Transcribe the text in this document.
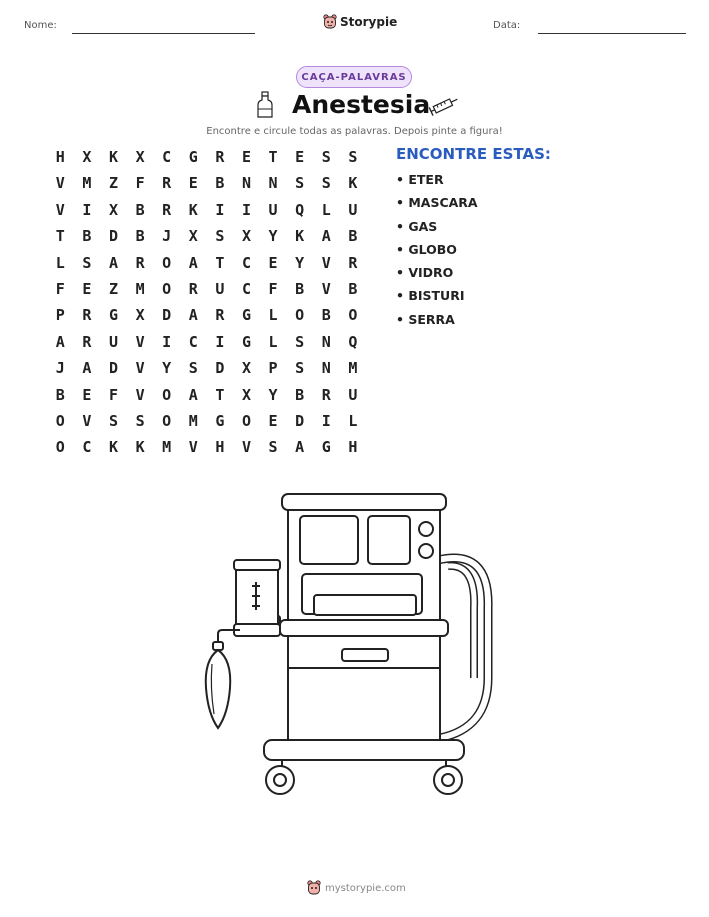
Nome:	Storypie	Data:
CAÇA-PALAVRAS
Anestesia
Encontre e circule todas as palavras. Depois pinte a figura!
H	X	K	X	C	G	R	E	T	E	S	S
V	M	Z	F	R	E	B	N	N	S	S	K
V	I	X	B	R	K	I	I	U	Q	L	U
T	B	D	B	J	X	S	X	Y	K	A	B
L	S	A	R	O	A	T	C	E	Y	V	R
F	E	Z	M	O	R	U	C	F	B	V	B
P	R	G	X	D	A	R	G	L	O	B	O
A	R	U	V	I	C	I	G	L	S	N	Q
J	A	D	V	Y	S	D	X	P	S	N	M
B	E	F	V	O	A	T	X	Y	B	R	U
O	V	S	S	O	M	G	O	E	D	I	L
O	C	K	K	M	V	H	V	S	A	G	H
ENCONTRE ESTAS:
• ETER
• MASCARA
• GAS
• GLOBO
• VIDRO
• BISTURI
• SERRA
mystorypie.com
